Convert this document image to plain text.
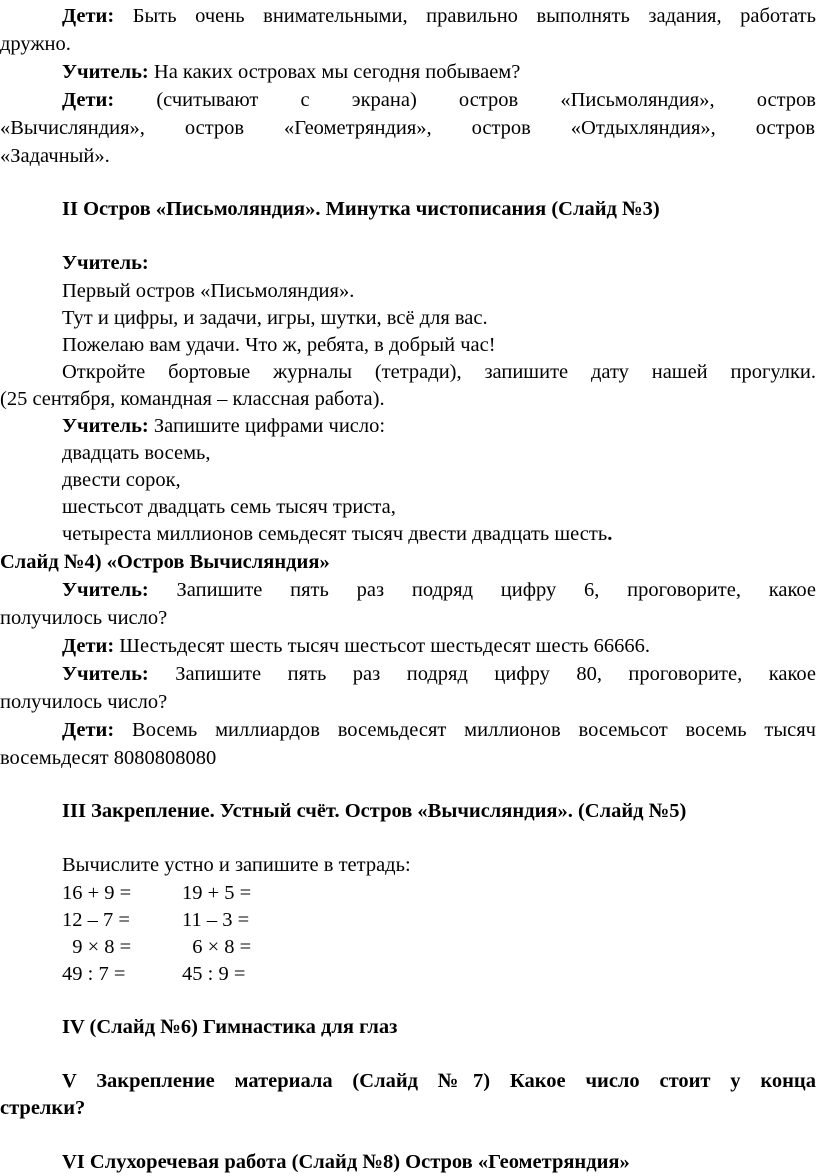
Дети: Быть очень внимательными, правильно выполнять задания, работать
дружно.
Учитель: На каких островах мы сегодня побываем?
Дети: (считывают с экрана) остров «Письмоляндия», остров
«Вычисляндия», остров «Геометряндия», остров «Отдыхляндия», остров
«Задачный».
II Остров «Письмоляндия». Минутка чистописания (Слайд №3)
Учитель:
Первый остров «Письмоляндия».
Тут и цифры, и задачи, игры, шутки, всё для вас.
Пожелаю вам удачи. Что ж, ребята, в добрый час!
Откройте бортовые журналы (тетради), запишите дату нашей прогулки.
(25 сентября, командная – классная работа).
Учитель: Запишите цифрами число:
двадцать восемь,
двести сорок,
шестьсот двадцать семь тысяч триста,
четыреста миллионов семьдесят тысяч двести двадцать шесть.
Слайд №4) «Остров Вычисляндия»
Учитель: Запишите пять раз подряд цифру 6, проговорите, какое
получилось число?
Дети: Шестьдесят шесть тысяч шестьсот шестьдесят шесть 66666.
Учитель: Запишите пять раз подряд цифру 80, проговорите, какое
получилось число?
Дети: Восемь миллиардов восемьдесят миллионов восемьсот восемь тысяч
восемьдесят 8080808080
III Закрепление. Устный счёт. Остров «Вычисляндия». (Слайд №5)
Вычислите устно и запишите в тетрадь:
16 + 9 = 19 + 5 =
12 – 7 =	11 – 3 =
9 × 8 = 6 × 8 =
49 : 7 =	45 : 9 =
IV (Слайд №6) Гимнастика для глаз
V Закрепление материала (Слайд №7) Какое число стоит у конца
стрелки?
VI Слухоречевая работа (Слайд №8) Остров «Геометряндия»
